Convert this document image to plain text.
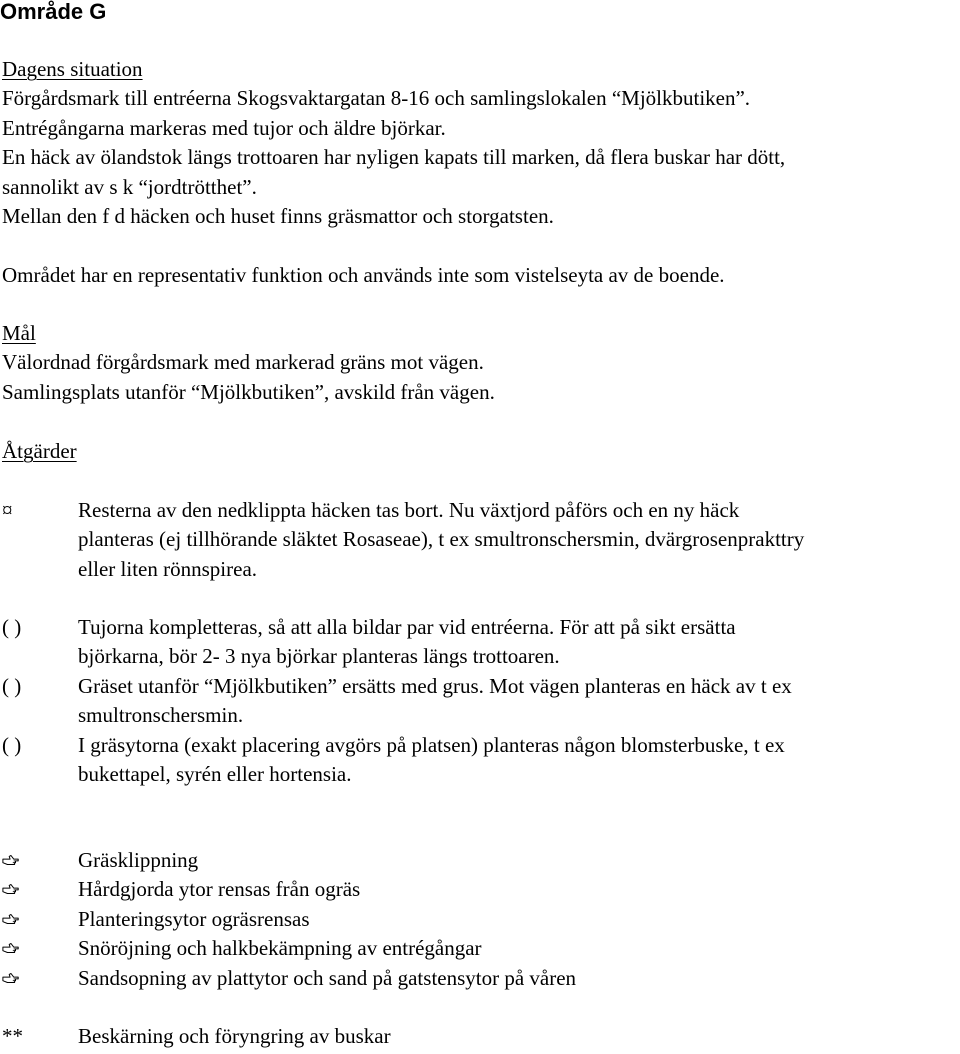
Område G

Dagens situation

Förgårdsmark till entréerna Skogsvaktargatan 8-16 och samlingslokalen “Mjölkbutiken”.

Entrégångarna markeras med tujor och äldre björkar.

En häck av ölandstok längs trottoaren har nyligen kapats till marken, då flera buskar har dött,

sannolikt av s k “jordtrötthet”.

Mellan den f d häcken och huset finns gräsmattor och storgatsten.

Området har en representativ funktion och används inte som vistelseyta av de boende.

Mål

Välordnad förgårdsmark med markerad gräns mot vägen.

Samlingsplats utanför “Mjölkbutiken”, avskild från vägen.

Åtgärder

¤	Resterna av den nedklippta häcken tas bort. Nu växtjord påförs och en ny häck
planteras (ej tillhörande släktet Rosaseae), t ex smultronschersmin, dvärgrosenprakttry
eller liten rönnspirea.
( )	Tujorna kompletteras, så att alla bildar par vid entréerna. För att på sikt ersätta
björkarna, bör 2- 3 nya björkar planteras längs trottoaren.
( )	Gräset utanför “Mjölkbutiken” ersätts med grus. Mot vägen planteras en häck av t ex
smultronschersmin.
( )	I gräsytorna (exakt placering avgörs på platsen) planteras någon blomsterbuske, t ex
bukettapel, syrén eller hortensia.
Gräsklippning
Hårdgjorda ytor rensas från ogräs
Planteringsytor ogräsrensas
Snöröjning och halkbekämpning av entrégångar
Sandsopning av plattytor och sand på gatstensytor på våren
**	Beskärning och föryngring av buskar
